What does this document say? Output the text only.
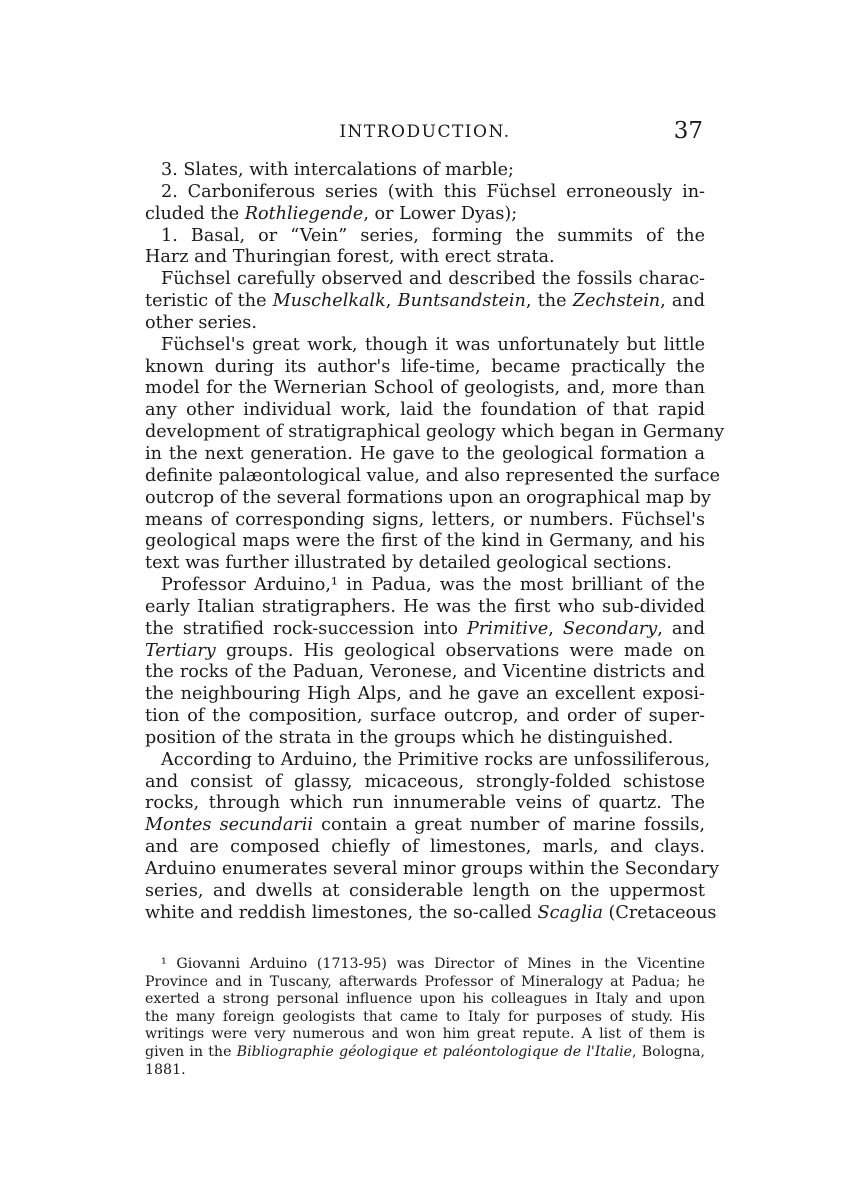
INTRODUCTION.	37
3. Slates, with intercalations of marble;
2. Carboniferous series (with this Füchsel erroneously in-
cluded the Rothliegende, or Lower Dyas);
1. Basal, or “Vein” series, forming the summits of the
Harz and Thuringian forest, with erect strata.
Füchsel carefully observed and described the fossils charac-
teristic of the Muschelkalk, Buntsandstein, the Zechstein, and
other series.
Füchsel's great work, though it was unfortunately but little
known during its author's life-time, became practically the
model for the Wernerian School of geologists, and, more than
any other individual work, laid the foundation of that rapid
development of stratigraphical geology which began in Germany
in the next generation. He gave to the geological formation a
definite palæontological value, and also represented the surface
outcrop of the several formations upon an orographical map by
means of corresponding signs, letters, or numbers. Füchsel's
geological maps were the first of the kind in Germany, and his
text was further illustrated by detailed geological sections.
Professor Arduino,¹ in Padua, was the most brilliant of the
early Italian stratigraphers. He was the first who sub-divided
the stratified rock-succession into Primitive, Secondary, and
Tertiary groups. His geological observations were made on
the rocks of the Paduan, Veronese, and Vicentine districts and
the neighbouring High Alps, and he gave an excellent exposi-
tion of the composition, surface outcrop, and order of super-
position of the strata in the groups which he distinguished.
According to Arduino, the Primitive rocks are unfossiliferous,
and consist of glassy, micaceous, strongly-folded schistose
rocks, through which run innumerable veins of quartz. The
Montes secundarii contain a great number of marine fossils,
and are composed chiefly of limestones, marls, and clays.
Arduino enumerates several minor groups within the Secondary
series, and dwells at considerable length on the uppermost
white and reddish limestones, the so-called Scaglia (Cretaceous
¹ Giovanni Arduino (1713-95) was Director of Mines in the Vicentine
Province and in Tuscany, afterwards Professor of Mineralogy at Padua; he
exerted a strong personal influence upon his colleagues in Italy and upon
the many foreign geologists that came to Italy for purposes of study. His
writings were very numerous and won him great repute. A list of them is
given in the Bibliographie géologique et paléontologique de l'Italie, Bologna,
1881.
